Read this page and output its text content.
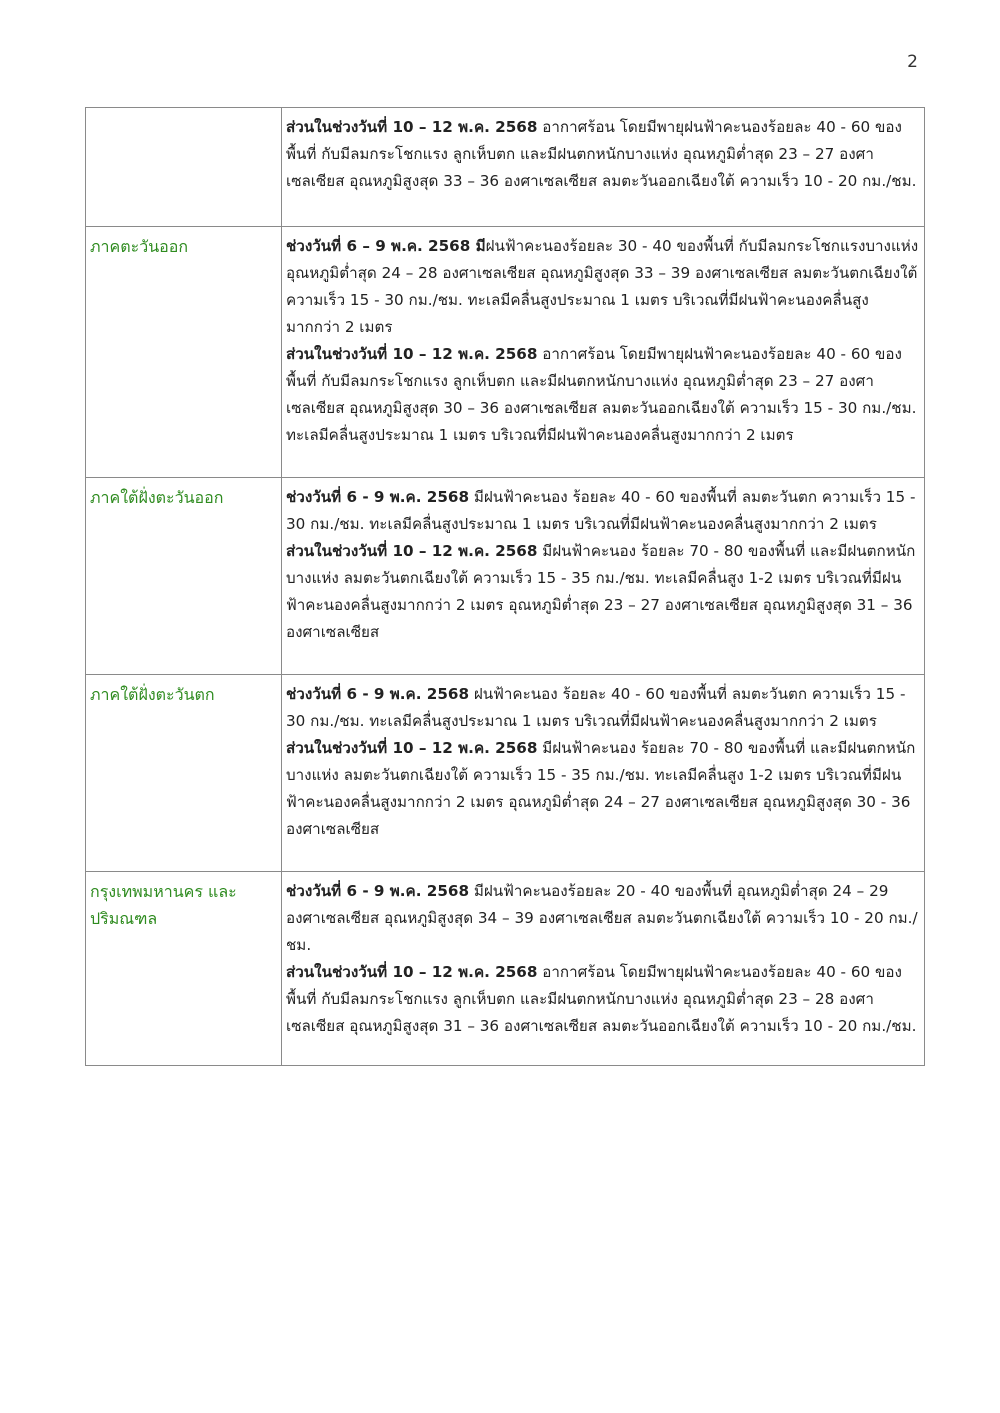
2

	ส่วนในช่วงวันที่ 10 – 12 พ.ค. 2568 อากาศร้อน โดยมีพายุฝนฟ้าคะนองร้อยละ 40 - 60 ของพื้นที่ กับมีลมกระโชกแรง ลูกเห็บตก และมีฝนตกหนักบางแห่ง อุณหภูมิต่ำสุด 23 – 27 องศาเซลเซียส อุณหภูมิสูงสุด 33 – 36 องศาเซลเซียส ลมตะวันออกเฉียงใต้ ความเร็ว 10 - 20 กม./ชม.

ภาคตะวันออก	ช่วงวันที่ 6 – 9 พ.ค. 2568 มีฝนฟ้าคะนองร้อยละ 30 - 40 ของพื้นที่ กับมีลมกระโชกแรงบางแห่ง อุณหภูมิต่ำสุด 24 – 28 องศาเซลเซียส อุณหภูมิสูงสุด 33 – 39 องศาเซลเซียส ลมตะวันตกเฉียงใต้ ความเร็ว 15 - 30 กม./ชม. ทะเลมีคลื่นสูงประมาณ 1 เมตร บริเวณที่มีฝนฟ้าคะนองคลื่นสูงมากกว่า 2 เมตร
ส่วนในช่วงวันที่ 10 – 12 พ.ค. 2568 อากาศร้อน โดยมีพายุฝนฟ้าคะนองร้อยละ 40 - 60 ของพื้นที่ กับมีลมกระโชกแรง ลูกเห็บตก และมีฝนตกหนักบางแห่ง อุณหภูมิต่ำสุด 23 – 27 องศาเซลเซียส อุณหภูมิสูงสุด 30 – 36 องศาเซลเซียส ลมตะวันออกเฉียงใต้ ความเร็ว 15 - 30 กม./ชม. ทะเลมีคลื่นสูงประมาณ 1 เมตร บริเวณที่มีฝนฟ้าคะนองคลื่นสูงมากกว่า 2 เมตร

ภาคใต้ฝั่งตะวันออก	ช่วงวันที่ 6 - 9 พ.ค. 2568 มีฝนฟ้าคะนอง ร้อยละ 40 - 60 ของพื้นที่ ลมตะวันตก ความเร็ว 15 - 30 กม./ชม. ทะเลมีคลื่นสูงประมาณ 1 เมตร บริเวณที่มีฝนฟ้าคะนองคลื่นสูงมากกว่า 2 เมตร
ส่วนในช่วงวันที่ 10 – 12 พ.ค. 2568 มีฝนฟ้าคะนอง ร้อยละ 70 - 80 ของพื้นที่ และมีฝนตกหนักบางแห่ง ลมตะวันตกเฉียงใต้ ความเร็ว 15 - 35 กม./ชม. ทะเลมีคลื่นสูง 1-2 เมตร บริเวณที่มีฝนฟ้าคะนองคลื่นสูงมากกว่า 2 เมตร อุณหภูมิต่ำสุด 23 – 27 องศาเซลเซียส อุณหภูมิสูงสุด 31 – 36 องศาเซลเซียส

ภาคใต้ฝั่งตะวันตก	ช่วงวันที่ 6 - 9 พ.ค. 2568 ฝนฟ้าคะนอง ร้อยละ 40 - 60 ของพื้นที่ ลมตะวันตก ความเร็ว 15 - 30 กม./ชม. ทะเลมีคลื่นสูงประมาณ 1 เมตร บริเวณที่มีฝนฟ้าคะนองคลื่นสูงมากกว่า 2 เมตร
ส่วนในช่วงวันที่ 10 – 12 พ.ค. 2568 มีฝนฟ้าคะนอง ร้อยละ 70 - 80 ของพื้นที่ และมีฝนตกหนักบางแห่ง ลมตะวันตกเฉียงใต้ ความเร็ว 15 - 35 กม./ชม. ทะเลมีคลื่นสูง 1-2 เมตร บริเวณที่มีฝนฟ้าคะนองคลื่นสูงมากกว่า 2 เมตร อุณหภูมิต่ำสุด 24 – 27 องศาเซลเซียส อุณหภูมิสูงสุด 30 - 36 องศาเซลเซียส

กรุงเทพมหานคร และปริมณฑล	ช่วงวันที่ 6 - 9 พ.ค. 2568 มีฝนฟ้าคะนองร้อยละ 20 - 40 ของพื้นที่ อุณหภูมิต่ำสุด 24 – 29 องศาเซลเซียส อุณหภูมิสูงสุด 34 – 39 องศาเซลเซียส ลมตะวันตกเฉียงใต้ ความเร็ว 10 - 20 กม./ชม.
ส่วนในช่วงวันที่ 10 – 12 พ.ค. 2568 อากาศร้อน โดยมีพายุฝนฟ้าคะนองร้อยละ 40 - 60 ของพื้นที่ กับมีลมกระโชกแรง ลูกเห็บตก และมีฝนตกหนักบางแห่ง อุณหภูมิต่ำสุด 23 – 28 องศาเซลเซียส อุณหภูมิสูงสุด 31 – 36 องศาเซลเซียส ลมตะวันออกเฉียงใต้ ความเร็ว 10 - 20 กม./ชม.
